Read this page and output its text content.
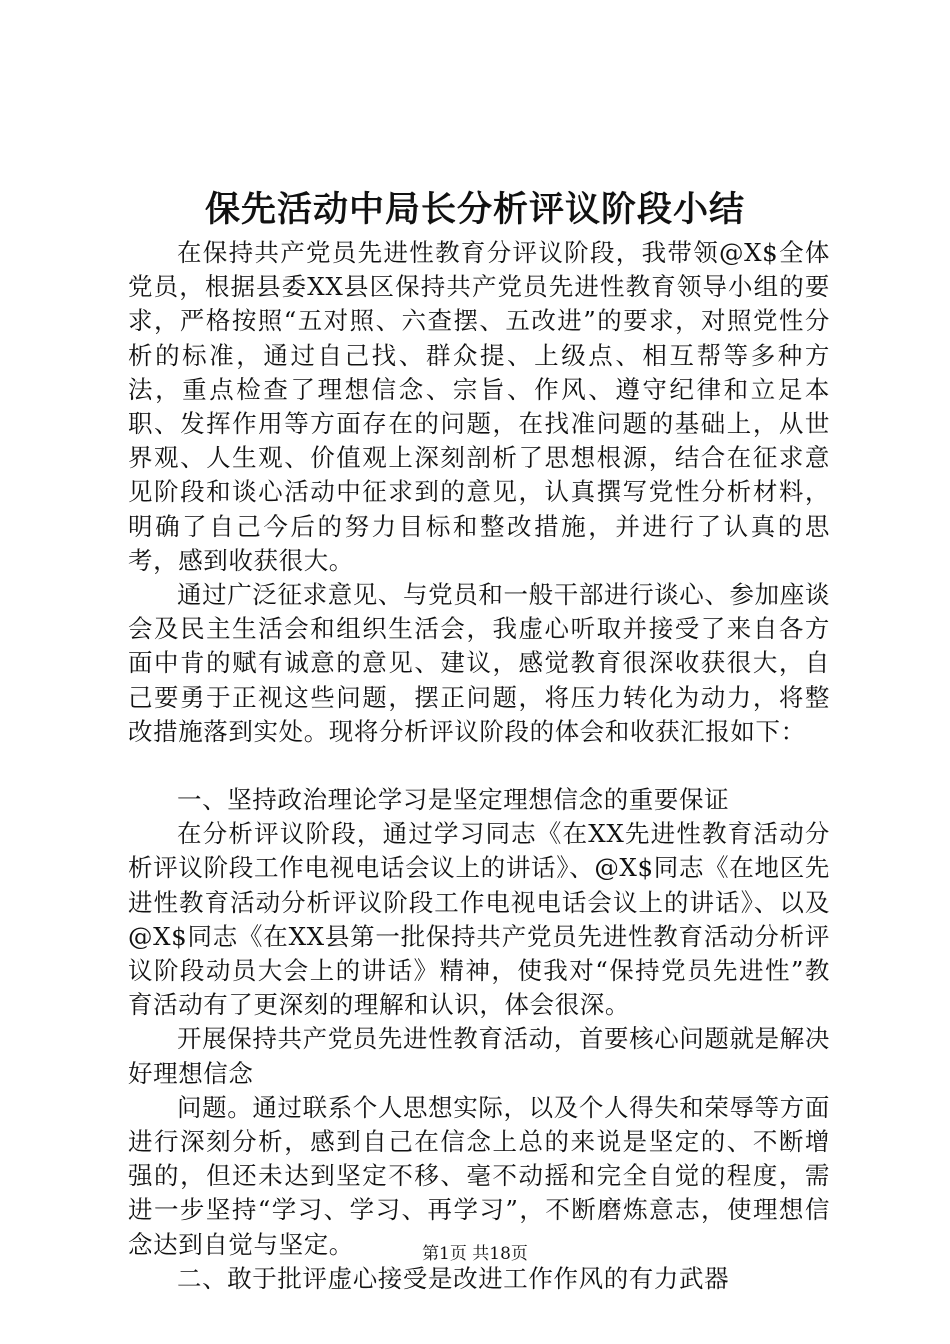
保先活动中局长分析评议阶段小结

在保持共产党员先进性教育分评议阶段，我带领@X$全体党员，根据县委XX县区保持共产党员先进性教育领导小组的要求，严格按照“五对照、六查摆、五改进”的要求，对照党性分析的标准，通过自己找、群众提、上级点、相互帮等多种方法，重点检查了理想信念、宗旨、作风、遵守纪律和立足本职、发挥作用等方面存在的问题，在找准问题的基础上，从世界观、人生观、价值观上深刻剖析了思想根源，结合在征求意见阶段和谈心活动中征求到的意见，认真撰写党性分析材料，明确了自己今后的努力目标和整改措施，并进行了认真的思考，感到收获很大。

通过广泛征求意见、与党员和一般干部进行谈心、参加座谈会及民主生活会和组织生活会，我虚心听取并接受了来自各方面中肯的赋有诚意的意见、建议，感觉教育很深收获很大，自己要勇于正视这些问题，摆正问题，将压力转化为动力，将整改措施落到实处。现将分析评议阶段的体会和收获汇报如下：

一、坚持政治理论学习是坚定理想信念的重要保证

在分析评议阶段，通过学习同志《在XX先进性教育活动分析评议阶段工作电视电话会议上的讲话》、@X$同志《在地区先进性教育活动分析评议阶段工作电视电话会议上的讲话》、以及@X$同志《在XX县第一批保持共产党员先进性教育活动分析评议阶段动员大会上的讲话》精神，使我对“保持党员先进性”教育活动有了更深刻的理解和认识，体会很深。

开展保持共产党员先进性教育活动，首要核心问题就是解决好理想信念

问题。通过联系个人思想实际，以及个人得失和荣辱等方面进行深刻分析，感到自己在信念上总的来说是坚定的、不断增强的，但还未达到坚定不移、毫不动摇和完全自觉的程度，需进一步坚持“学习、学习、再学习”，不断磨炼意志，使理想信念达到自觉与坚定。

二、敢于批评虚心接受是改进工作作风的有力武器

第1页 共18页
